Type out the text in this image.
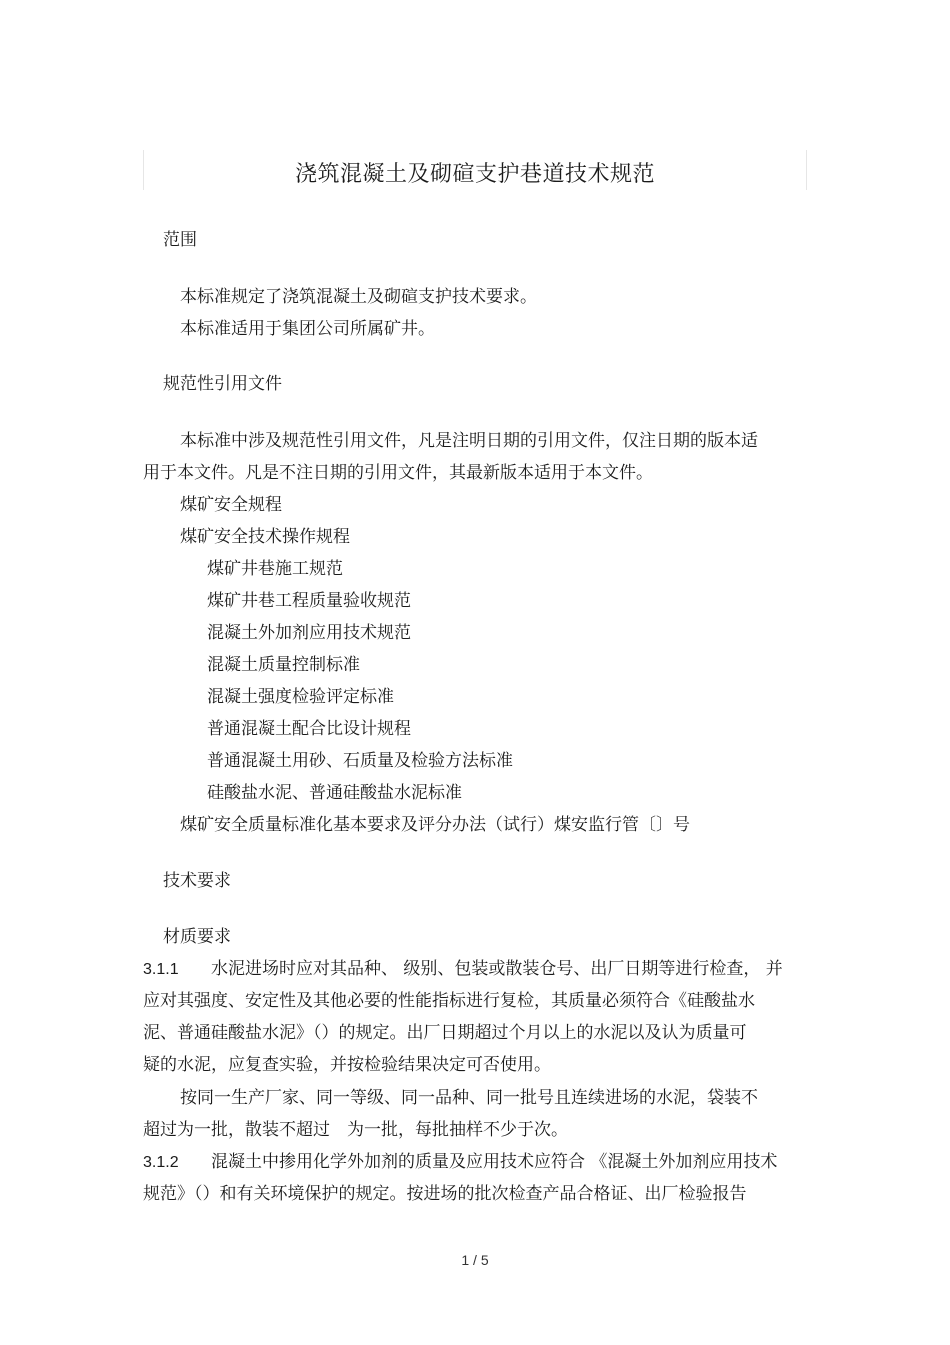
浇筑混凝土及砌碹支护巷道技术规范
范围
本标准规定了浇筑混凝土及砌碹支护技术要求。
本标准适用于集团公司所属矿井。
规范性引用文件
本标准中涉及规范性引用文件，凡是注明日期的引用文件，仅注日期的版本适
用于本文件。凡是不注日期的引用文件，其最新版本适用于本文件。
煤矿安全规程
煤矿安全技术操作规程
煤矿井巷施工规范
煤矿井巷工程质量验收规范
混凝土外加剂应用技术规范
混凝土质量控制标准
混凝土强度检验评定标准
普通混凝土配合比设计规程
普通混凝土用砂、石质量及检验方法标准
硅酸盐水泥、普通硅酸盐水泥标准
煤矿安全质量标准化基本要求及评分办法（试行）煤安监行管〔〕号
技术要求
材质要求
3.1.1 水泥进场时应对其品种、 级别、包装或散装仓号、出厂日期等进行检查， 并
应对其强度、安定性及其他必要的性能指标进行复检，其质量必须符合《硅酸盐水
泥、普通硅酸盐水泥》（）的规定。出厂日期超过个月以上的水泥以及认为质量可
疑的水泥，应复查实验，并按检验结果决定可否使用。
按同一生产厂家、同一等级、同一品种、同一批号且连续进场的水泥，袋装不
超过为一批，散装不超过　为一批，每批抽样不少于次。
3.1.2 混凝土中掺用化学外加剂的质量及应用技术应符合 《混凝土外加剂应用技术
规范》（）和有关环境保护的规定。按进场的批次检查产品合格证、出厂检验报告
1 / 5
